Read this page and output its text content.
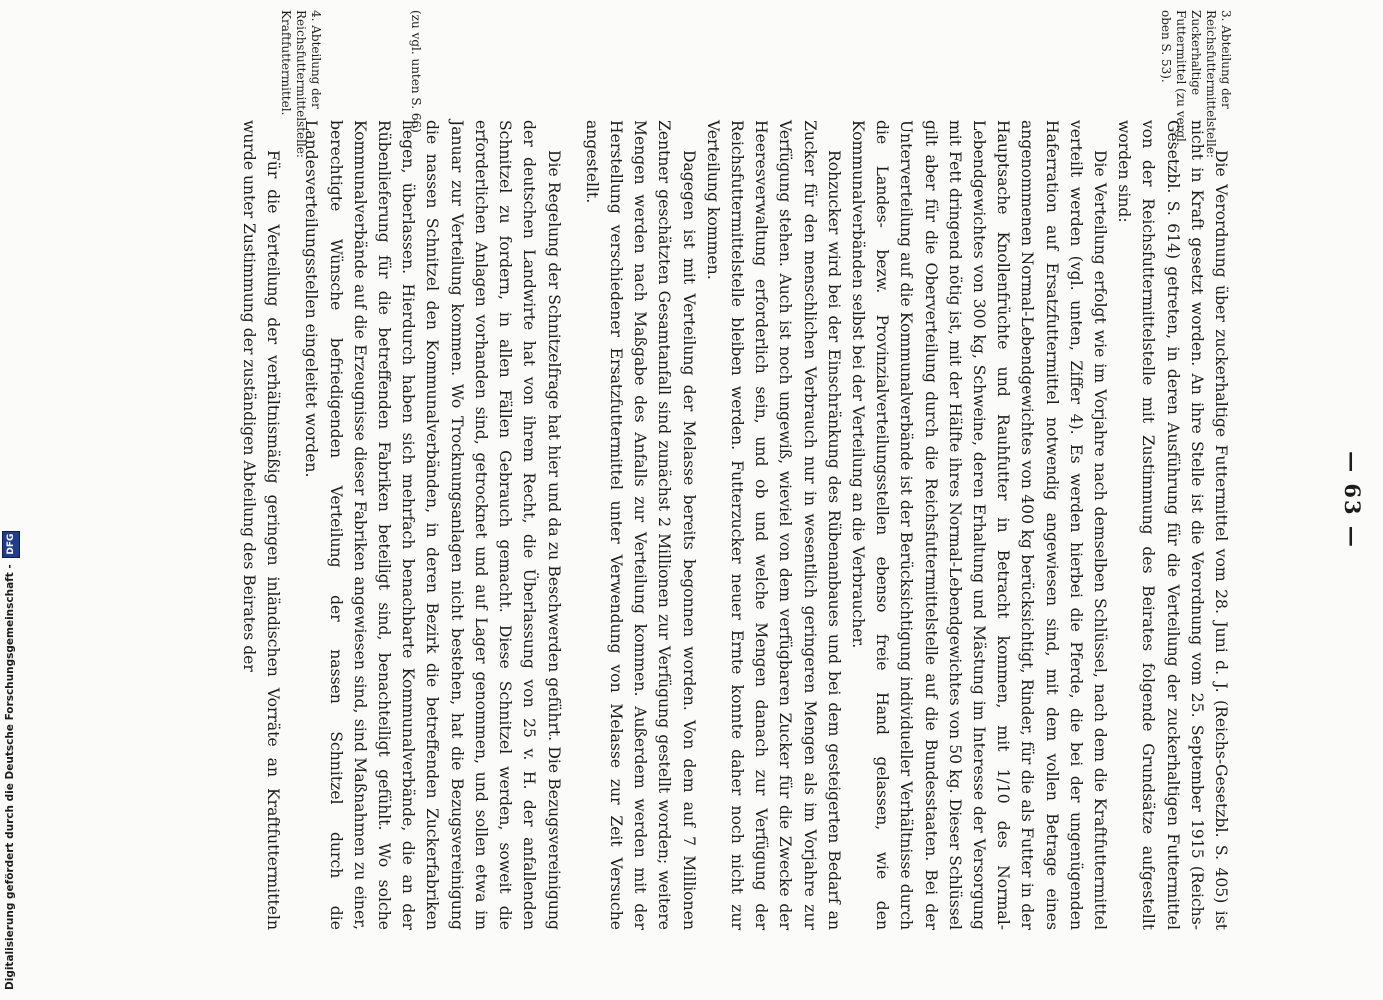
— 63 —
3. Abteilung der Reichsfuttermittelstelle: Zuckerhaltige Futtermittel (zu vergl. oben S. 53).
4. Abteilung der Reichsfuttermittelstelle: Kraftfuttermittel.	(zu vgl. unten S. 66)

Die Verordnung über zuckerhaltige Futtermittel vom 28. Juni d. J. (Reichs-Gesetzbl. S. 405) ist nicht in Kraft gesetzt worden. An ihre Stelle ist die Verordnung vom 25. September 1915 (Reichs-Gesetzbl. S. 614) getreten, in deren Ausführung für die Verteilung der zuckerhaltigen Futtermittel von der Reichsfuttermittelstelle mit Zustimmung des Beirates folgende Grundsätze aufgestellt worden sind:

Die Verteilung erfolgt wie im Vorjahre nach demselben Schlüssel, nach dem die Kraftfuttermittel verteilt werden (vgl. unten, Ziffer 4). Es werden hierbei die Pferde, die bei der ungenügenden Haferration auf Ersatzfuttermittel notwendig angewiesen sind, mit dem vollen Betrage eines angenommenen Normal-Lebendgewichtes von 400 kg berücksichtigt, Rinder, für die als Futter in der Hauptsache Knollenfrüchte und Rauhfutter in Betracht kommen, mit 1/10 des Normal-Lebendgewichtes von 300 kg, Schweine, deren Erhaltung und Mästung im Interesse der Versorgung mit Fett dringend nötig ist, mit der Hälfte ihres Normal-Lebendgewichtes von 50 kg. Dieser Schlüssel gilt aber für die Oberverteilung durch die Reichsfuttermittelstelle auf die Bundesstaaten. Bei der Unterverteilung auf die Kommunalverbände ist der Berücksichtigung individueller Verhältnisse durch die Landes- bezw. Provinzialverteilungsstellen ebenso freie Hand gelassen, wie den Kommunalverbänden selbst bei der Verteilung an die Verbraucher.

Rohzucker wird bei der Einschränkung des Rübenanbaues und bei dem gesteigerten Bedarf an Zucker für den menschlichen Verbrauch nur in wesentlich geringeren Mengen als im Vorjahre zur Verfügung stehen. Auch ist noch ungewiß, wieviel von dem verfügbaren Zucker für die Zwecke der Heeresverwaltung erforderlich sein, und ob und welche Mengen danach zur Verfügung der Reichsfuttermittelstelle bleiben werden. Futterzucker neuer Ernte konnte daher noch nicht zur Verteilung kommen.

Dagegen ist mit Verteilung der Melasse bereits begonnen worden. Von dem auf 7 Millionen Zentner geschätzten Gesamtanfall sind zunächst 2 Millionen zur Verfügung gestellt worden; weitere Mengen werden nach Maßgabe des Anfalls zur Verteilung kommen. Außerdem werden mit der Herstellung verschiedener Ersatzfuttermittel unter Verwendung von Melasse zur Zeit Versuche angestellt.

Die Regelung der Schnitzelfrage hat hier und da zu Beschwerden geführt. Die Bezugsvereinigung der deutschen Landwirte hat von ihrem Recht, die Überlassung von 25 v. H. der anfallenden Schnitzel zu fordern, in allen Fällen Gebrauch gemacht. Diese Schnitzel werden, soweit die erforderlichen Anlagen vorhanden sind, getrocknet und auf Lager genommen, und sollen etwa im Januar zur Verteilung kommen. Wo Trocknungsanlagen nicht bestehen, hat die Bezugsvereinigung die nassen Schnitzel den Kommunalverbänden, in deren Bezirk die betreffenden Zuckerfabriken liegen, überlassen. Hierdurch haben sich mehrfach benachbarte Kommunalverbände, die an der Rübenlieferung für die betreffenden Fabriken beteiligt sind, benachteiligt gefühlt. Wo solche Kommunalverbände auf die Erzeugnisse dieser Fabriken angewiesen sind, sind Maßnahmen zu einer, berechtigte Wünsche befriedigenden Verteilung der nassen Schnitzel durch die Landesverteilungsstellen eingeleitet worden.

Für die Verteilung der verhältnismäßig geringen inländischen Vorräte an Kraftfuttermitteln wurde unter Zustimmung der zuständigen Abteilung des Beirates der

Digitalisierung gefördert durch die Deutsche Forschungsgemeinschaft - DFG
